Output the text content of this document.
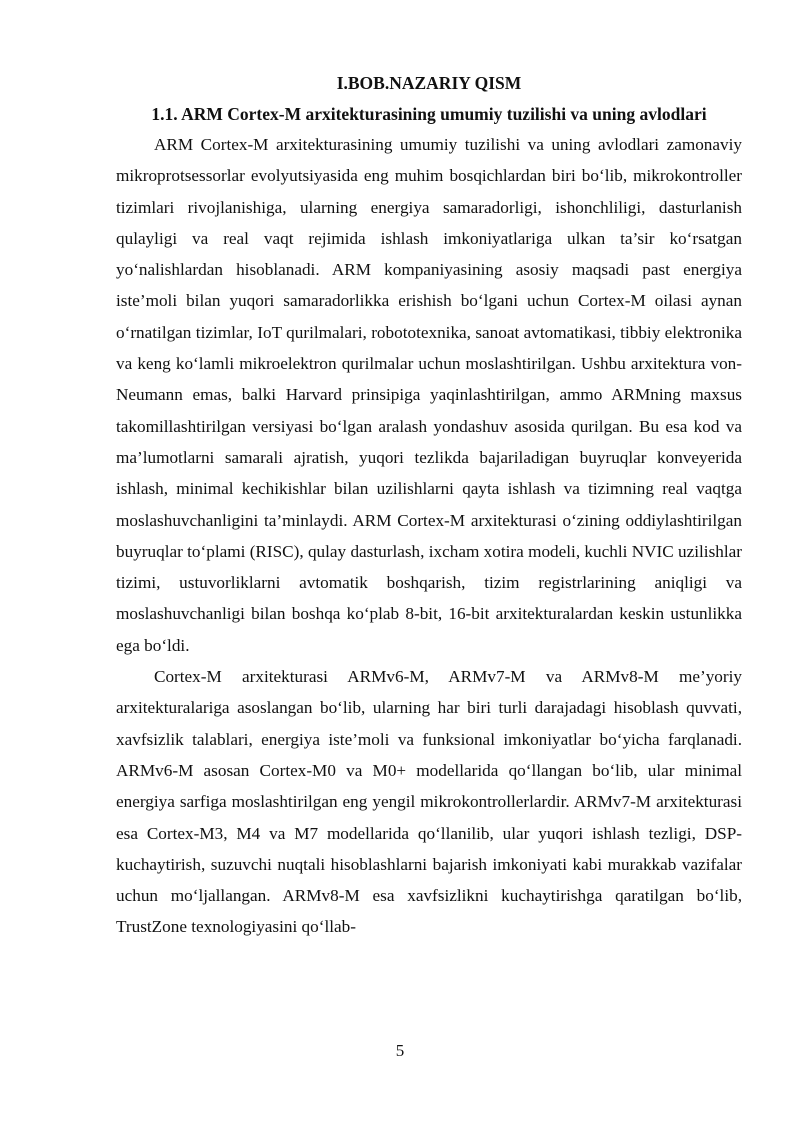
I.BOB.NAZARIY QISM
1.1. ARM Cortex-M arxitekturasining umumiy tuzilishi va uning avlodlari

ARM Cortex-M arxitekturasining umumiy tuzilishi va uning avlodlari zamonaviy mikroprotsessorlar evolyutsiyasida eng muhim bosqichlardan biri bo‘lib, mikrokontroller tizimlari rivojlanishiga, ularning energiya samaradorligi, ishonchliligi, dasturlanish qulayligi va real vaqt rejimida ishlash imkoniyatlariga ulkan ta’sir ko‘rsatgan yo‘nalishlardan hisoblanadi. ARM kompaniyasining asosiy maqsadi past energiya iste’moli bilan yuqori samaradorlikka erishish bo‘lgani uchun Cortex-M oilasi aynan o‘rnatilgan tizimlar, IoT qurilmalari, robototexnika, sanoat avtomatikasi, tibbiy elektronika va keng ko‘lamli mikroelektron qurilmalar uchun moslashtirilgan. Ushbu arxitektura von-Neumann emas, balki Harvard prinsipiga yaqinlashtirilgan, ammo ARMning maxsus takomillashtirilgan versiyasi bo‘lgan aralash yondashuv asosida qurilgan. Bu esa kod va ma’lumotlarni samarali ajratish, yuqori tezlikda bajariladigan buyruqlar konveyerida ishlash, minimal kechikishlar bilan uzilishlarni qayta ishlash va tizimning real vaqtga moslashuvchanligini ta’minlaydi. ARM Cortex-M arxitekturasi o‘zining oddiylashtirilgan buyruqlar to‘plami (RISC), qulay dasturlash, ixcham xotira modeli, kuchli NVIC uzilishlar tizimi, ustuvorliklarni avtomatik boshqarish, tizim registrlarining aniqligi va moslashuvchanligi bilan boshqa ko‘plab 8-bit, 16-bit arxitekturalardan keskin ustunlikka ega bo‘ldi.

Cortex-M arxitekturasi ARMv6-M, ARMv7-M va ARMv8-M me’yoriy arxitekturalariga asoslangan bo‘lib, ularning har biri turli darajadagi hisoblash quvvati, xavfsizlik talablari, energiya iste’moli va funksional imkoniyatlar bo‘yicha farqlanadi. ARMv6-M asosan Cortex-M0 va M0+ modellarida qo‘llangan bo‘lib, ular minimal energiya sarfiga moslashtirilgan eng yengil mikrokontrollerlardir. ARMv7-M arxitekturasi esa Cortex-M3, M4 va M7 modellarida qo‘llanilib, ular yuqori ishlash tezligi, DSP-kuchaytirish, suzuvchi nuqtali hisoblashlarni bajarish imkoniyati kabi murakkab vazifalar uchun mo‘ljallangan. ARMv8-M esa xavfsizlikni kuchaytirishga qaratilgan bo‘lib, TrustZone texnologiyasini qo‘llab-

5
